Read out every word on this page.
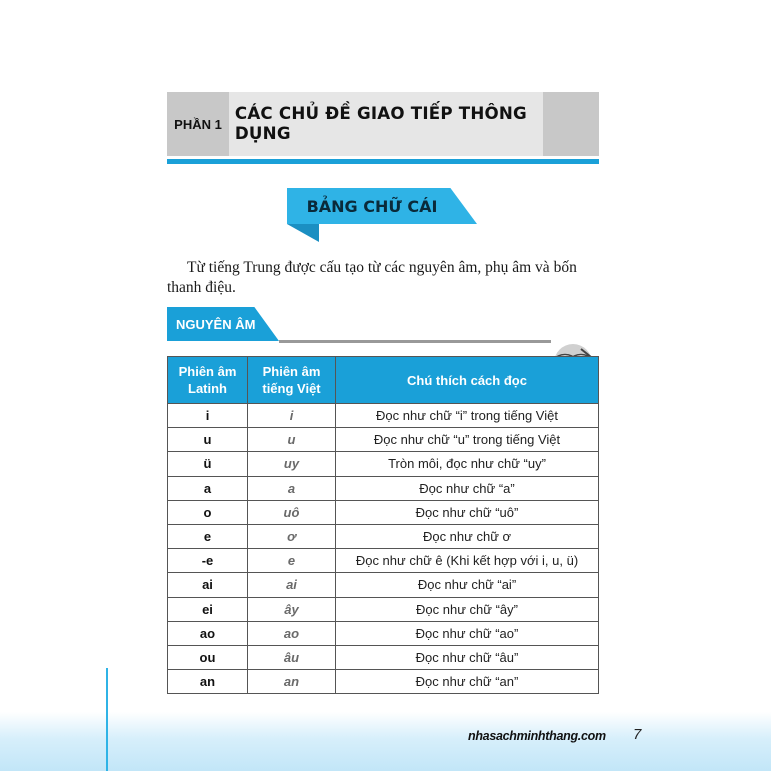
PHẦN 1 CÁC CHỦ ĐỀ GIAO TIẾP THÔNG DỤNG
BẢNG CHỮ CÁI

Từ tiếng Trung được cấu tạo từ các nguyên âm, phụ âm và bốn thanh điệu.

NGUYÊN ÂM
Phiên âm Latinh	Phiên âm tiếng Việt	Chú thích cách đọc
i	i	Đọc như chữ “i” trong tiếng Việt
u	u	Đọc như chữ “u” trong tiếng Việt
ü	uy	Tròn môi, đọc như chữ “uy”
a	a	Đọc như chữ “a”
o	uô	Đọc như chữ “uô”
e	ơ	Đọc như chữ ơ
-e	e	Đọc như chữ ê (Khi kết hợp với i, u, ü)
ai	ai	Đọc như chữ “ai”
ei	ây	Đọc như chữ “ây”
ao	ao	Đọc như chữ “ao”
ou	âu	Đọc như chữ “âu”
an	an	Đọc như chữ “an”
nhasachminhthang.com 7
